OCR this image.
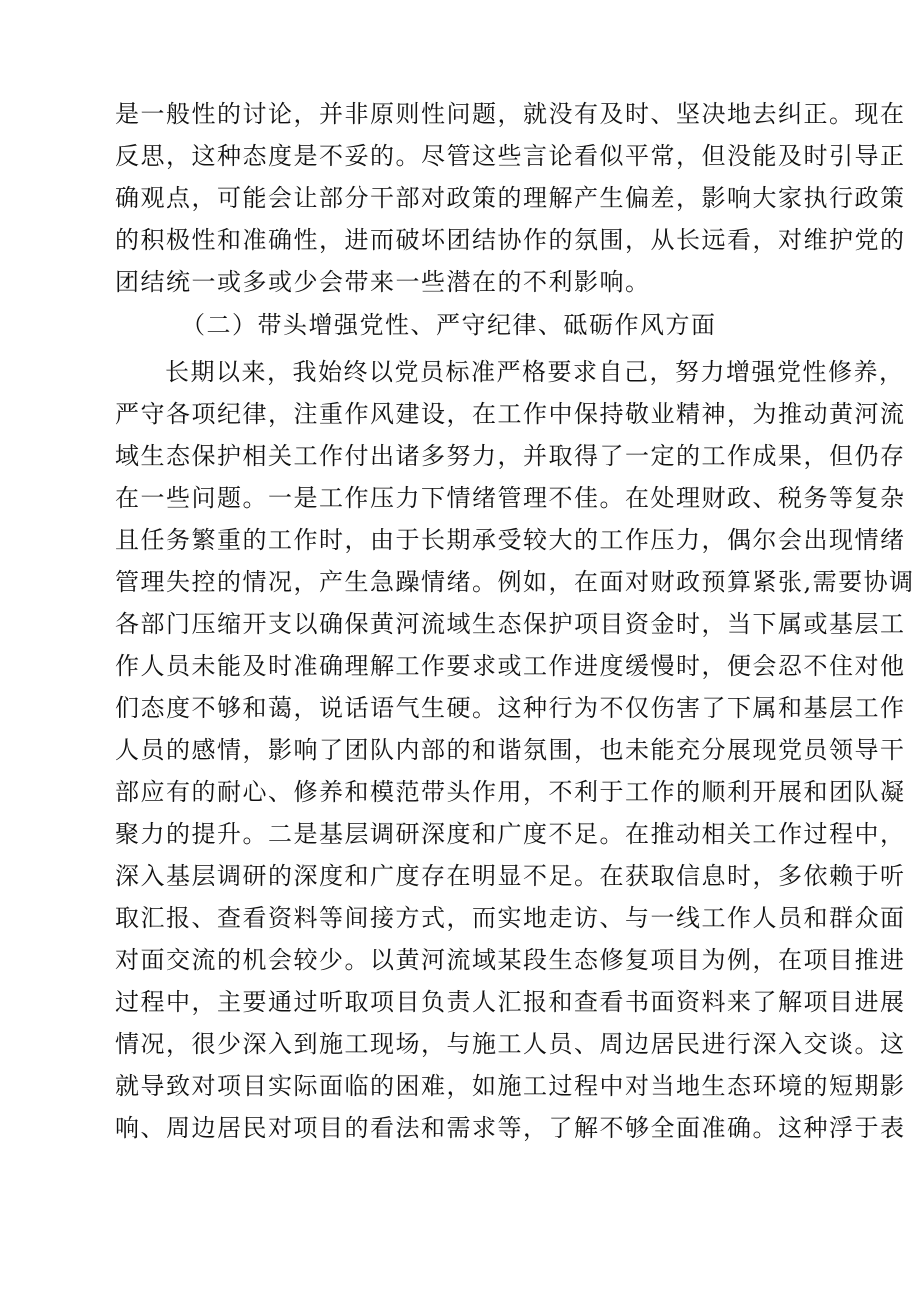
是一般性的讨论，并非原则性问题，就没有及时、坚决地去纠正。现在
反思，这种态度是不妥的。尽管这些言论看似平常，但没能及时引导正
确观点，可能会让部分干部对政策的理解产生偏差，影响大家执行政策
的积极性和准确性，进而破坏团结协作的氛围，从长远看，对维护党的
团结统一或多或少会带来一些潜在的不利影响。
（二）带头增强党性、严守纪律、砥砺作风方面
长期以来，我始终以党员标准严格要求自己，努力增强党性修养，
严守各项纪律，注重作风建设，在工作中保持敬业精神，为推动黄河流
域生态保护相关工作付出诸多努力，并取得了一定的工作成果，但仍存
在一些问题。一是工作压力下情绪管理不佳。在处理财政、税务等复杂
且任务繁重的工作时，由于长期承受较大的工作压力，偶尔会出现情绪
管理失控的情况，产生急躁情绪。例如，在面对财政预算紧张,需要协调
各部门压缩开支以确保黄河流域生态保护项目资金时，当下属或基层工
作人员未能及时准确理解工作要求或工作进度缓慢时，便会忍不住对他
们态度不够和蔼，说话语气生硬。这种行为不仅伤害了下属和基层工作
人员的感情，影响了团队内部的和谐氛围，也未能充分展现党员领导干
部应有的耐心、修养和模范带头作用，不利于工作的顺利开展和团队凝
聚力的提升。二是基层调研深度和广度不足。在推动相关工作过程中，
深入基层调研的深度和广度存在明显不足。在获取信息时，多依赖于听
取汇报、查看资料等间接方式，而实地走访、与一线工作人员和群众面
对面交流的机会较少。以黄河流域某段生态修复项目为例，在项目推进
过程中，主要通过听取项目负责人汇报和查看书面资料来了解项目进展
情况，很少深入到施工现场，与施工人员、周边居民进行深入交谈。这
就导致对项目实际面临的困难，如施工过程中对当地生态环境的短期影
响、周边居民对项目的看法和需求等，了解不够全面准确。这种浮于表
